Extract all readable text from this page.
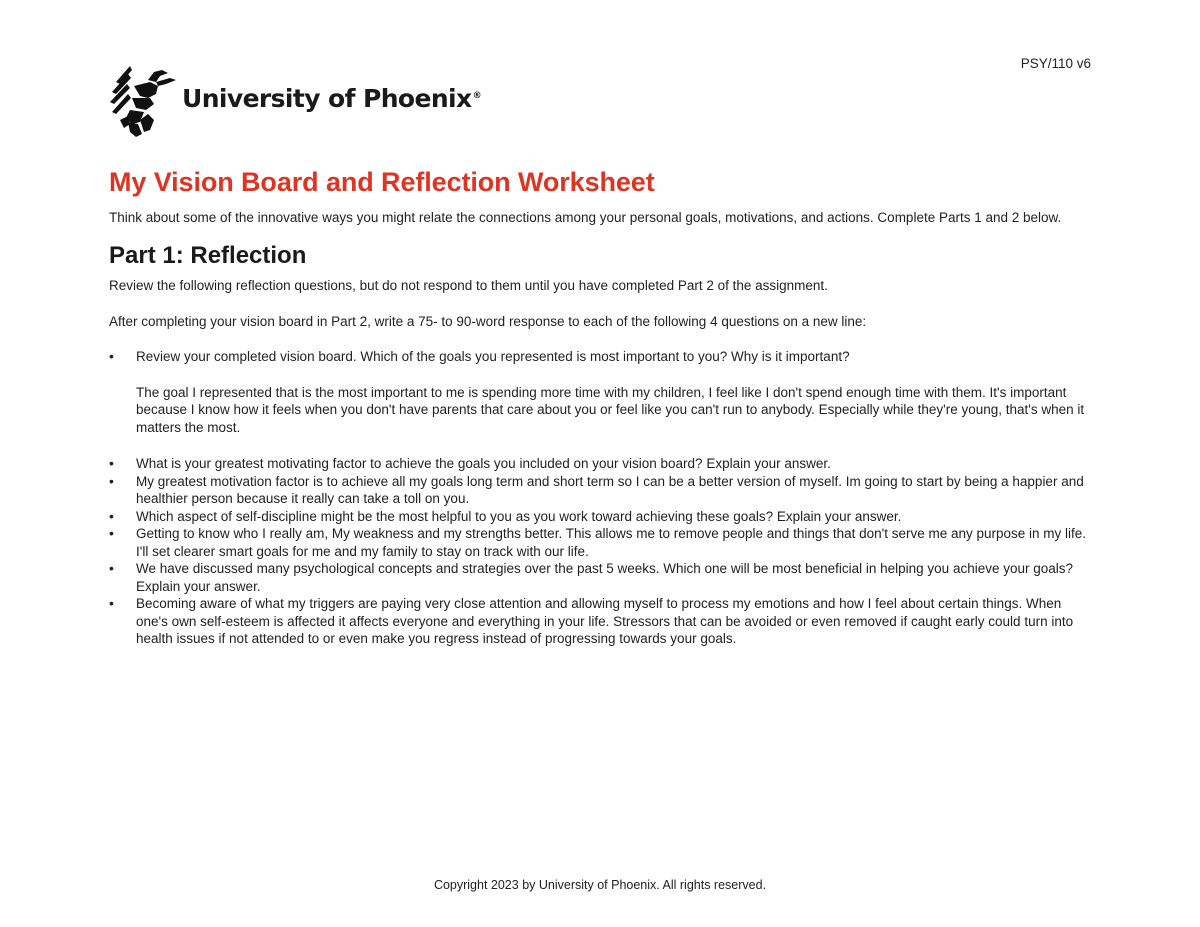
PSY/110 v6
University of Phoenix®
My Vision Board and Reflection Worksheet

Think about some of the innovative ways you might relate the connections among your personal goals, motivations, and actions. Complete Parts 1 and 2 below.

Part 1: Reflection

Review the following reflection questions, but do not respond to them until you have completed Part 2 of the assignment.

After completing your vision board in Part 2, write a 75- to 90-word response to each of the following 4 questions on a new line:

•	Review your completed vision board. Which of the goals you represented is most important to you? Why is it important?
The goal I represented that is the most important to me is spending more time with my children, I feel like I don't spend enough time with them. It's important because I know how it feels when you don't have parents that care about you or feel like you can't run to anybody. Especially while they're young, that's when it matters the most.
•	What is your greatest motivating factor to achieve the goals you included on your vision board? Explain your answer.
•	My greatest motivation factor is to achieve all my goals long term and short term so I can be a better version of myself. Im going to start by being a happier and healthier person because it really can take a toll on you.
•	Which aspect of self-discipline might be the most helpful to you as you work toward achieving these goals? Explain your answer.
•	Getting to know who I really am, My weakness and my strengths better. This allows me to remove people and things that don't serve me any purpose in my life. I'll set clearer smart goals for me and my family to stay on track with our life.
•	We have discussed many psychological concepts and strategies over the past 5 weeks. Which one will be most beneficial in helping you achieve your goals? Explain your answer.
•	Becoming aware of what my triggers are paying very close attention and allowing myself to process my emotions and how I feel about certain things. When one's own self-esteem is affected it affects everyone and everything in your life. Stressors that can be avoided or even removed if caught early could turn into health issues if not attended to or even make you regress instead of progressing towards your goals.
Copyright 2023 by University of Phoenix. All rights reserved.
